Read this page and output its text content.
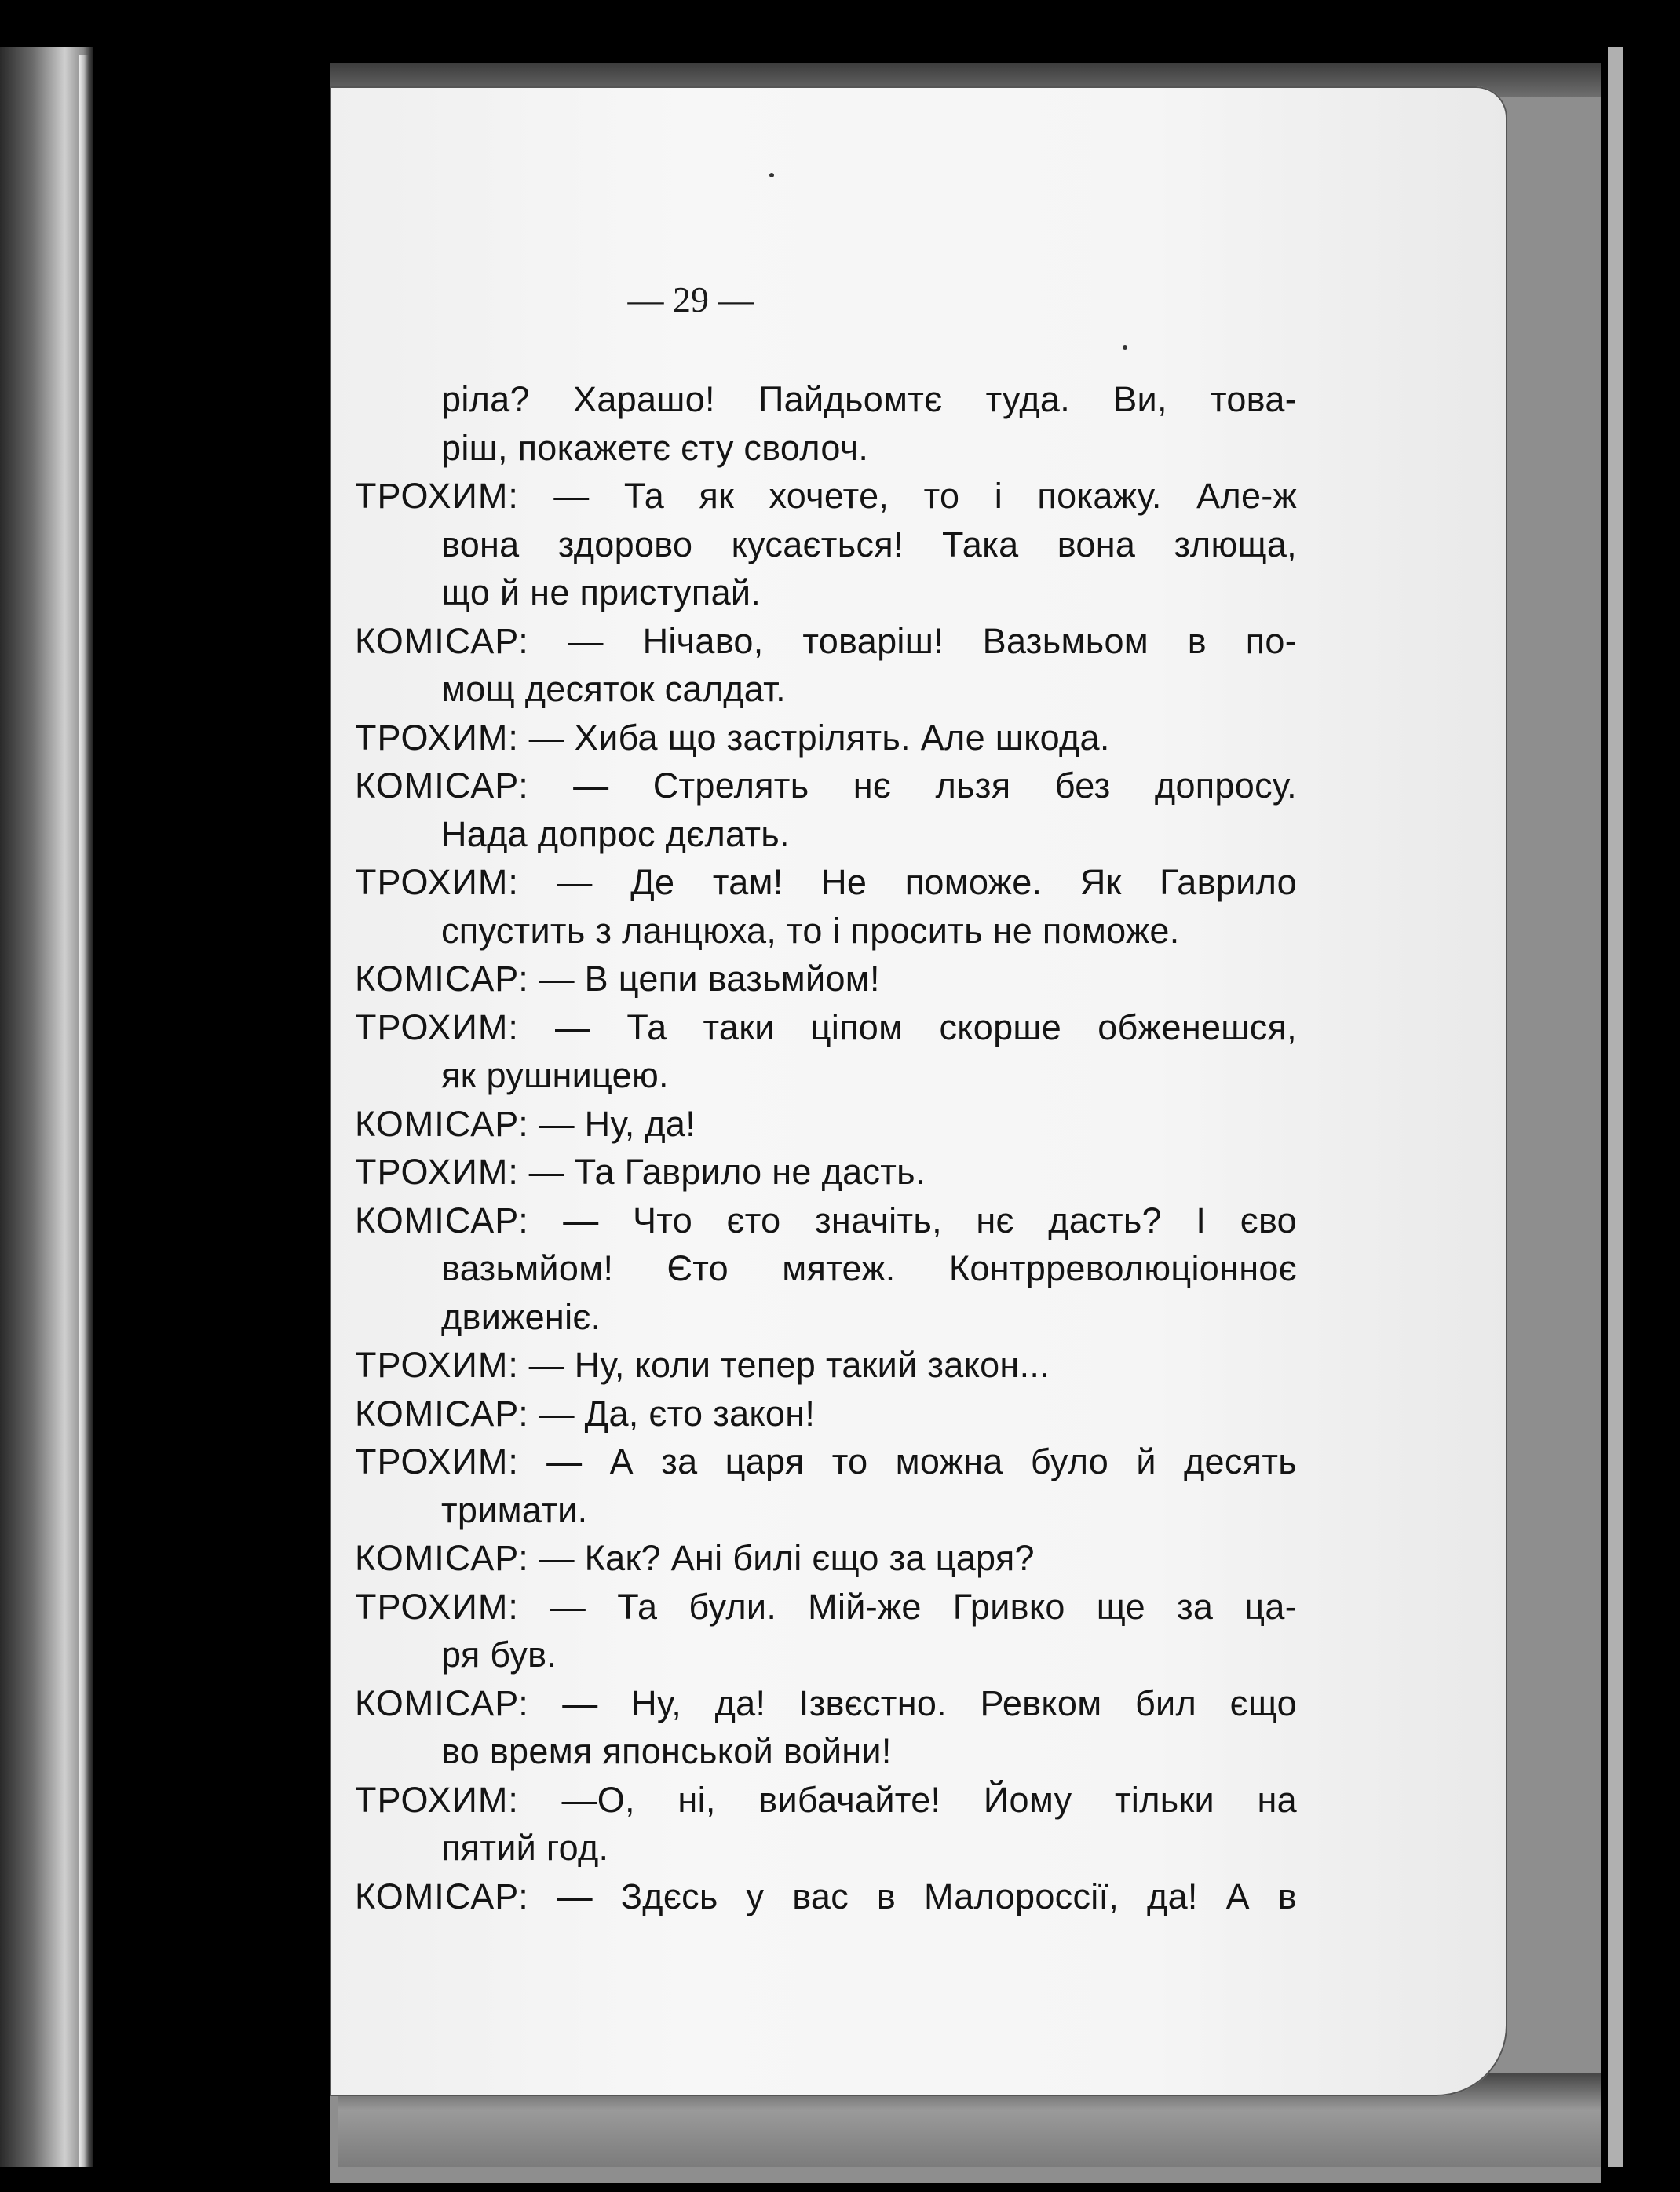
— 29 —
ріла? Харашо! Пайдьомтє туда. Ви, това-
ріш, покажетє єту сволоч.
ТРОХИМ: — Та як хочете, то і покажу. Але-ж
вона здорово кусається! Така вона злюща,
що й не приступай.
КОМІСАР: — Нічаво, товаріш! Вазьмьом в по-
мощ десяток салдат.
ТРОХИМ: — Хиба що застрілять. Але шкода.
КОМІСАР: — Стрелять нє льзя без допросу.
Нада допрос дєлать.
ТРОХИМ: — Де там! Не поможе. Як Гаврило
спустить з ланцюха, то і просить не поможе.
КОМІСАР: — В цепи вазьмйом!
ТРОХИМ: — Та таки ціпом скорше обженешся,
як рушницею.
КОМІСАР: — Ну, да!
ТРОХИМ: — Та Гаврило не дасть.
КОМІСАР: — Что єто значіть, нє дасть? І єво
вазьмйом! Єто мятеж. Контрреволюціонноє
движеніє.
ТРОХИМ: — Ну, коли тепер такий закон...
КОМІСАР: — Да, єто закон!
ТРОХИМ: — А за царя то можна було й десять
тримати.
КОМІСАР: — Как? Ані билі єщо за царя?
ТРОХИМ: — Та були. Мій-же Гривко ще за ца-
ря був.
КОМІСАР: — Ну, да! Ізвєстно. Ревком бил єщо
во время японськой войни!
ТРОХИМ: —О, ні, вибачайте! Йому тільки на
пятий год.
КОМІСАР: — Здєсь у вас в Малороссії, да! А в
